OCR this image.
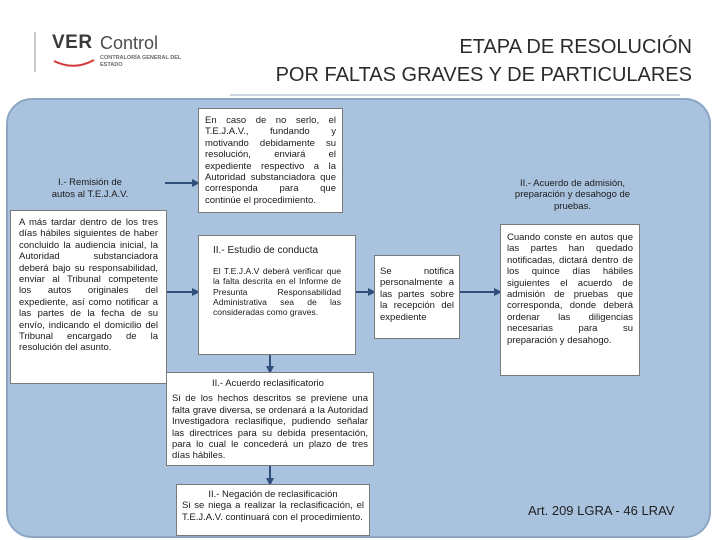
VER Control
CONTRALORÍA GENERAL DEL ESTADO
ETAPA DE RESOLUCIÓN
POR FALTAS GRAVES Y DE PARTICULARES
I.- Remisión de autos al T.E.J.A.V.
A más tardar dentro de los tres días hábiles siguientes de haber concluido la audiencia inicial, la Autoridad substanciadora deberá bajo su responsabilidad, enviar al Tribunal competente los autos originales del expediente, así como notificar a las partes de la fecha de su envío, indicando el domicilio del Tribunal encargado de la resolución del asunto.
En caso de no serlo, el T.E.J.A.V., fundando y motivando debidamente su resolución, enviará el expediente respectivo a la Autoridad substanciadora que corresponda para que continúe el procedimiento.
II.- Estudio de conducta
El T.E.J.A.V deberá verificar que la falta descrita en el Informe de Presunta Responsabilidad Administrativa sea de las consideradas como graves.
Se notifica personalmente a las partes sobre la recepción del expediente
II.- Acuerdo de admisión, preparación y desahogo de pruebas.
Cuando conste en autos que las partes han quedado notificadas, dictará dentro de los quince días hábiles siguientes el acuerdo de admisión de pruebas que corresponda, donde deberá ordenar las diligencias necesarias para su preparación y desahogo.
II.- Acuerdo reclasificatorio
Si de los hechos descritos se previene una falta grave diversa, se ordenará a la Autoridad Investigadora reclasifique, pudiendo señalar las directrices para su debida presentación, para lo cual le concederá un plazo de tres días hábiles.
II.- Negación de reclasificación
Si se niega a realizar la reclasificación, el T.E.J.A.V. continuará con el procedimiento.	Art. 209 LGRA - 46 LRAV
